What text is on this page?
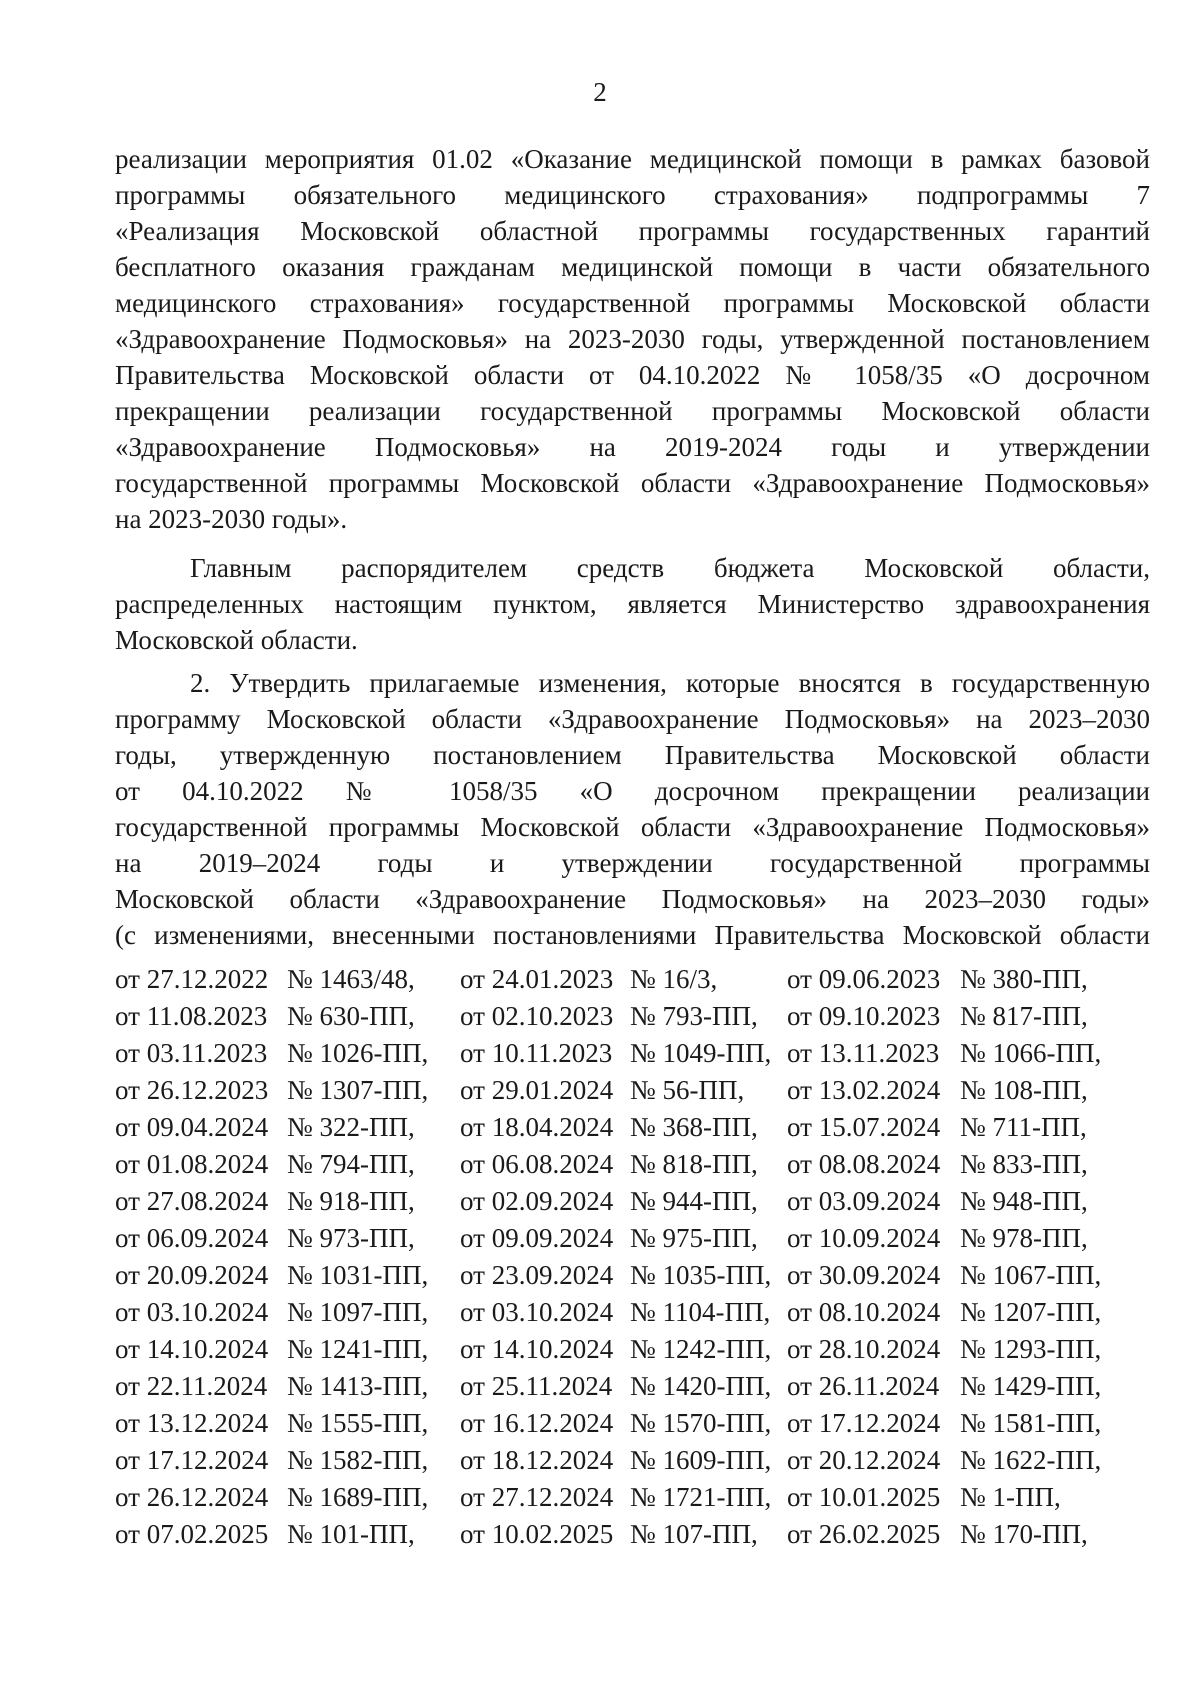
2
реализации мероприятия 01.02 «Оказание медицинской помощи в рамках базовой
программы обязательного медицинского страхования» подпрограммы 7
«Реализация Московской областной программы государственных гарантий
бесплатного оказания гражданам медицинской помощи в части обязательного
медицинского страхования» государственной программы Московской области
«Здравоохранение Подмосковья» на 2023-2030 годы, утвержденной постановлением
Правительства Московской области от 04.10.2022 № 1058/35 «О досрочном
прекращении реализации государственной программы Московской области
«Здравоохранение Подмосковья» на 2019-2024 годы и утверждении
государственной программы Московской области «Здравоохранение Подмосковья»
на 2023-2030 годы».
Главным распорядителем средств бюджета Московской области,
распределенных настоящим пунктом, является Министерство здравоохранения
Московской области.
2. Утвердить прилагаемые изменения, которые вносятся в государственную
программу Московской области «Здравоохранение Подмосковья» на 2023–2030
годы, утвержденную постановлением Правительства Московской области
от 04.10.2022 № 1058/35 «О досрочном прекращении реализации
государственной программы Московской области «Здравоохранение Подмосковья»
на 2019–2024 годы и утверждении государственной программы
Московской области «Здравоохранение Подмосковья» на 2023–2030 годы»
(с изменениями, внесенными постановлениями Правительства Московской области
от 27.12.2022 № 1463/48, от 24.01.2023 № 16/3,	от 09.06.2023 № 380-ПП,
от 11.08.2023 № 630-ПП, от 02.10.2023 № 793-ПП, от 09.10.2023 № 817-ПП,
от 03.11.2023 № 1026-ПП, от 10.11.2023 № 1049-ПП, от 13.11.2023 № 1066-ПП,
от 26.12.2023 № 1307-ПП, от 29.01.2024 № 56-ПП, от 13.02.2024 № 108-ПП,
от 09.04.2024 № 322-ПП, от 18.04.2024 № 368-ПП, от 15.07.2024 № 711-ПП,
от 01.08.2024 № 794-ПП, от 06.08.2024 № 818-ПП, от 08.08.2024 № 833-ПП,
от 27.08.2024 № 918-ПП, от 02.09.2024 № 944-ПП, от 03.09.2024 № 948-ПП,
от 06.09.2024 № 973-ПП, от 09.09.2024 № 975-ПП, от 10.09.2024 № 978-ПП,
от 20.09.2024 № 1031-ПП, от 23.09.2024 № 1035-ПП, от 30.09.2024 № 1067-ПП,
от 03.10.2024 № 1097-ПП, от 03.10.2024 № 1104-ПП, от 08.10.2024 № 1207-ПП,
от 14.10.2024 № 1241-ПП, от 14.10.2024 № 1242-ПП, от 28.10.2024 № 1293-ПП,
от 22.11.2024 № 1413-ПП, от 25.11.2024 № 1420-ПП, от 26.11.2024 № 1429-ПП,
от 13.12.2024 № 1555-ПП, от 16.12.2024 № 1570-ПП, от 17.12.2024 № 1581-ПП,
от 17.12.2024 № 1582-ПП, от 18.12.2024 № 1609-ПП, от 20.12.2024 № 1622-ПП,
от 26.12.2024 № 1689-ПП, от 27.12.2024 № 1721-ПП, от 10.01.2025 № 1-ПП,
от 07.02.2025 № 101-ПП, от 10.02.2025 № 107-ПП, от 26.02.2025 № 170-ПП,
